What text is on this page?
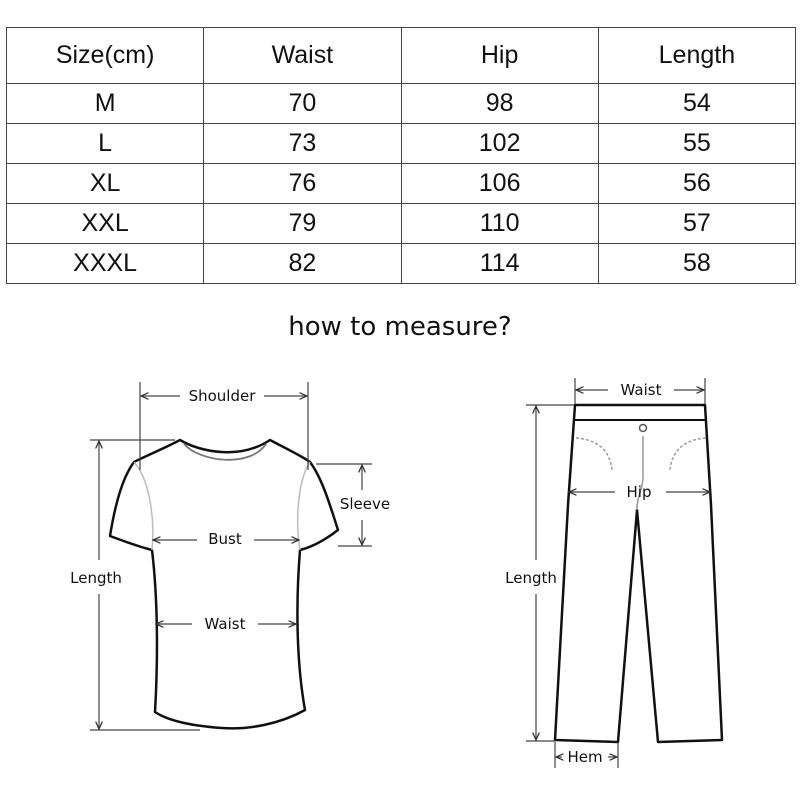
Size(cm)	Waist	Hip	Length
M	70	98	54
L	73	102	55
XL	76	106	56
XXL	79	110	57
XXXL	82	114	58
how to measure?
Shoulder
Sleeve
Bust
Waist
Length
Waist
Hip
Length
Hem
